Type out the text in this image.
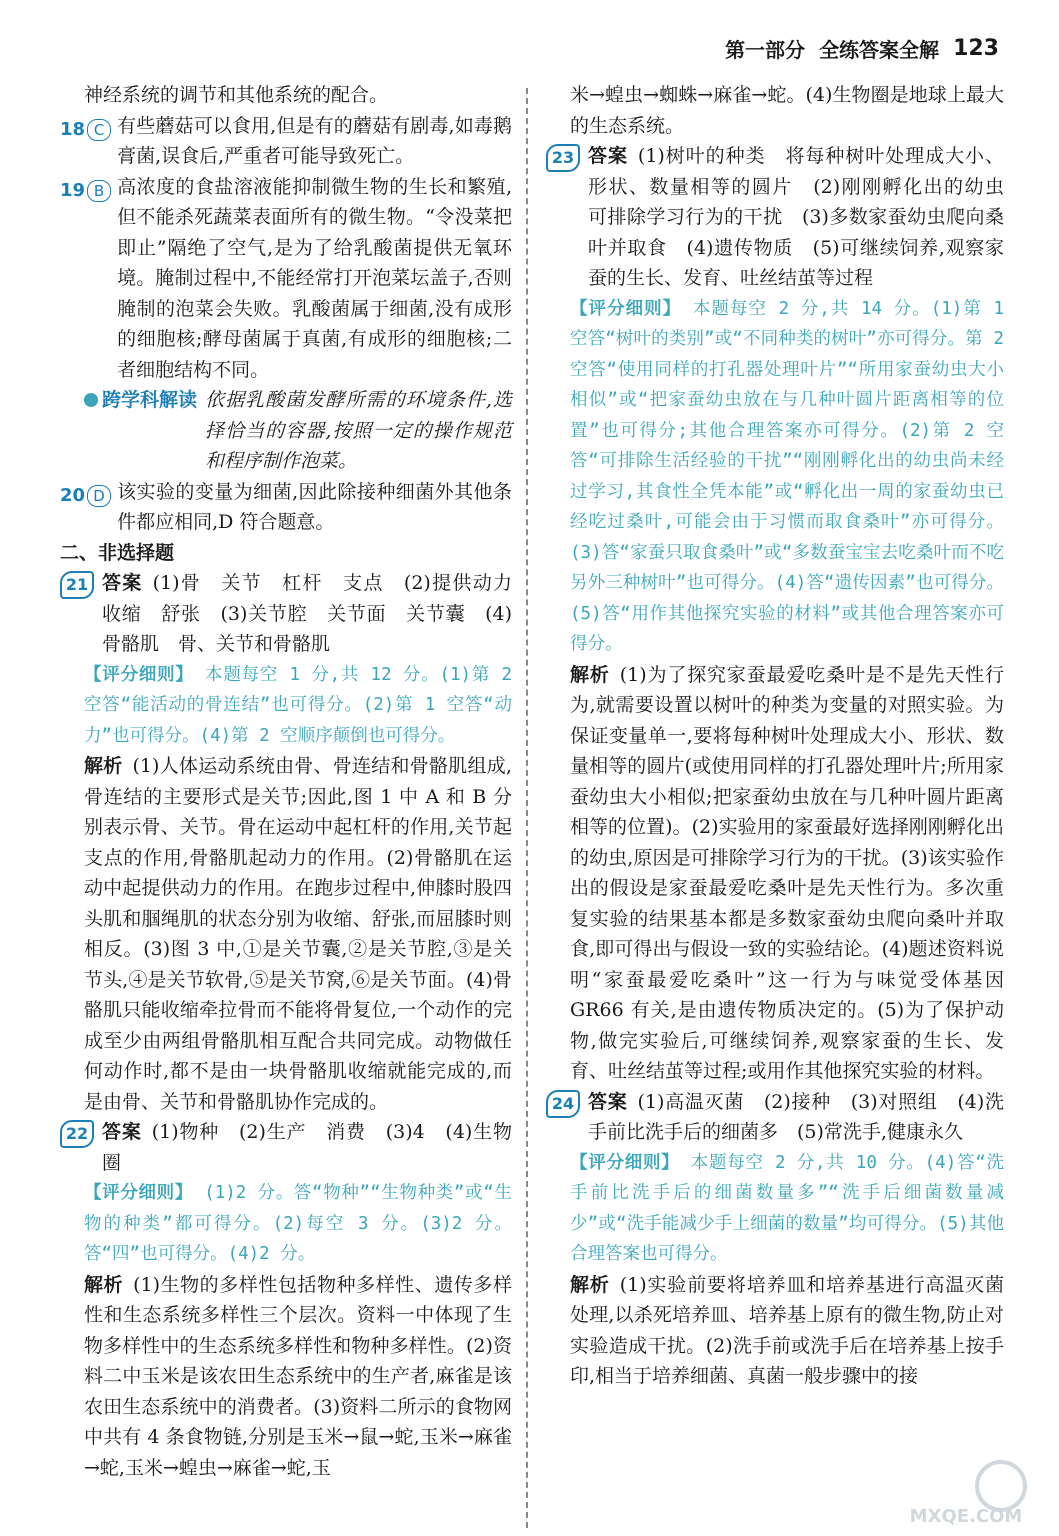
第一部分 全练答案全解 123

神经系统的调节和其他系统的配合。

18 C 有些蘑菇可以食用,但是有的蘑菇有剧毒,如毒鹅膏菌,误食后,严重者可能导致死亡。

19 B 高浓度的食盐溶液能抑制微生物的生长和繁殖,但不能杀死蔬菜表面所有的微生物。“令没菜把即止”隔绝了空气,是为了给乳酸菌提供无氧环境。腌制过程中,不能经常打开泡菜坛盖子,否则腌制的泡菜会失败。乳酸菌属于细菌,没有成形的细胞核;酵母菌属于真菌,有成形的细胞核;二者细胞结构不同。

跨学科解读 依据乳酸菌发酵所需的环境条件,选择恰当的容器,按照一定的操作规范和程序制作泡菜。
20 D 该实验的变量为细菌,因此除接种细菌外其他条件都应相同,D 符合题意。

二、非选择题

21 答案 (1)骨　关节　杠杆　支点　(2)提供动力　收缩　舒张　(3)关节腔　关节面　关节囊　(4)骨骼肌　骨、关节和骨骼肌

【评分细则】 本题每空 1 分,共 12 分。(1)第 2 空答“能活动的骨连结”也可得分。(2)第 1 空答“动力”也可得分。(4)第 2 空顺序颠倒也可得分。

解析 (1)人体运动系统由骨、骨连结和骨骼肌组成,骨连结的主要形式是关节;因此,图 1 中 A 和 B 分别表示骨、关节。骨在运动中起杠杆的作用,关节起支点的作用,骨骼肌起动力的作用。(2)骨骼肌在运动中起提供动力的作用。在跑步过程中,伸膝时股四头肌和腘绳肌的状态分别为收缩、舒张,而屈膝时则相反。(3)图 3 中,①是关节囊,②是关节腔,③是关节头,④是关节软骨,⑤是关节窝,⑥是关节面。(4)骨骼肌只能收缩牵拉骨而不能将骨复位,一个动作的完成至少由两组骨骼肌相互配合共同完成。动物做任何动作时,都不是由一块骨骼肌收缩就能完成的,而是由骨、关节和骨骼肌协作完成的。

22 答案 (1)物种　(2)生产　消费　(3)4　(4)生物圈

【评分细则】 (1)2 分。答“物种”“生物种类”或“生物的种类”都可得分。(2)每空 3 分。(3)2 分。答“四”也可得分。(4)2 分。

解析 (1)生物的多样性包括物种多样性、遗传多样性和生态系统多样性三个层次。资料一中体现了生物多样性中的生态系统多样性和物种多样性。(2)资料二中玉米是该农田生态系统中的生产者,麻雀是该农田生态系统中的消费者。(3)资料二所示的食物网中共有 4 条食物链,分别是玉米→鼠→蛇,玉米→麻雀→蛇,玉米→蝗虫→麻雀→蛇,玉

米→蝗虫→蜘蛛→麻雀→蛇。(4)生物圈是地球上最大的生态系统。

23 答案 (1)树叶的种类　将每种树叶处理成大小、形状、数量相等的圆片　(2)刚刚孵化出的幼虫　可排除学习行为的干扰　(3)多数家蚕幼虫爬向桑叶并取食　(4)遗传物质　(5)可继续饲养,观察家蚕的生长、发育、吐丝结茧等过程

【评分细则】 本题每空 2 分,共 14 分。(1)第 1 空答“树叶的类别”或“不同种类的树叶”亦可得分。第 2 空答“使用同样的打孔器处理叶片”“所用家蚕幼虫大小相似”或“把家蚕幼虫放在与几种叶圆片距离相等的位置”也可得分;其他合理答案亦可得分。(2)第 2 空答“可排除生活经验的干扰”“刚刚孵化出的幼虫尚未经过学习,其食性全凭本能”或“孵化出一周的家蚕幼虫已经吃过桑叶,可能会由于习惯而取食桑叶”亦可得分。(3)答“家蚕只取食桑叶”或“多数蚕宝宝去吃桑叶而不吃另外三种树叶”也可得分。(4)答“遗传因素”也可得分。(5)答“用作其他探究实验的材料”或其他合理答案亦可得分。

解析 (1)为了探究家蚕最爱吃桑叶是不是先天性行为,就需要设置以树叶的种类为变量的对照实验。为保证变量单一,要将每种树叶处理成大小、形状、数量相等的圆片(或使用同样的打孔器处理叶片;所用家蚕幼虫大小相似;把家蚕幼虫放在与几种叶圆片距离相等的位置)。(2)实验用的家蚕最好选择刚刚孵化出的幼虫,原因是可排除学习行为的干扰。(3)该实验作出的假设是家蚕最爱吃桑叶是先天性行为。多次重复实验的结果基本都是多数家蚕幼虫爬向桑叶并取食,即可得出与假设一致的实验结论。(4)题述资料说明“家蚕最爱吃桑叶”这一行为与味觉受体基因 GR66 有关,是由遗传物质决定的。(5)为了保护动物,做完实验后,可继续饲养,观察家蚕的生长、发育、吐丝结茧等过程;或用作其他探究实验的材料。

24 答案 (1)高温灭菌　(2)接种　(3)对照组　(4)洗手前比洗手后的细菌多　(5)常洗手,健康永久

【评分细则】 本题每空 2 分,共 10 分。(4)答“洗手前比洗手后的细菌数量多”“洗手后细菌数量减少”或“洗手能减少手上细菌的数量”均可得分。(5)其他合理答案也可得分。

解析 (1)实验前要将培养皿和培养基进行高温灭菌处理,以杀死培养皿、培养基上原有的微生物,防止对实验造成干扰。(2)洗手前或洗手后在培养基上按手印,相当于培养细菌、真菌一般步骤中的接

MXQE.COM
